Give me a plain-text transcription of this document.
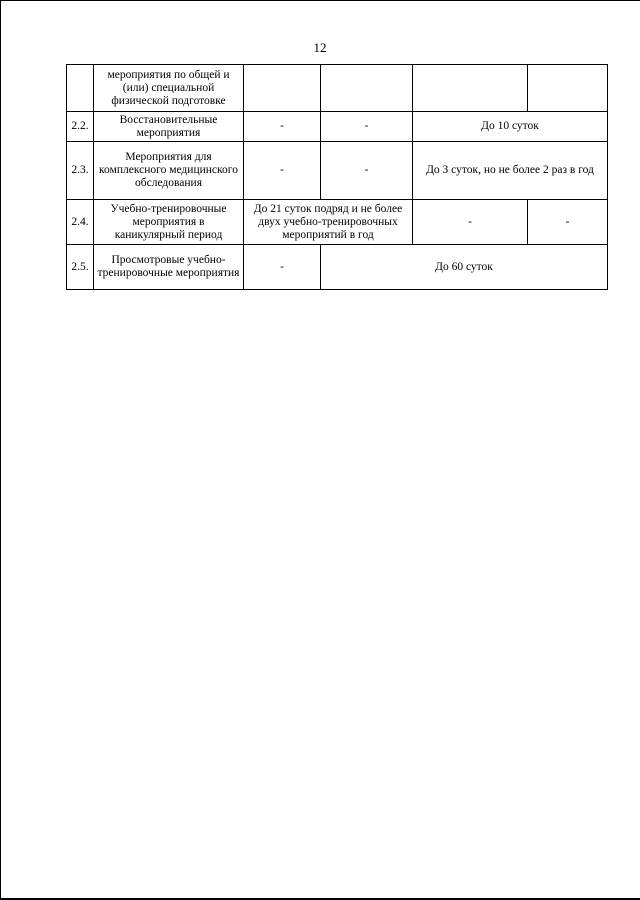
12
	мероприятия по общей и (или) специальной физической подготовке				
2.2.	Восстановительные мероприятия	-	-	До 10 суток	
2.3.	Мероприятия для комплексного медицинского обследования	-	-	До 3 суток, но не более 2 раз в год	
2.4.	Учебно-тренировочные мероприятия в каникулярный период	До 21 суток подряд и не более двух учебно-тренировочных мероприятий в год		-	-
2.5.	Просмотровые учебно-тренировочные мероприятия	-	До 60 суток		
